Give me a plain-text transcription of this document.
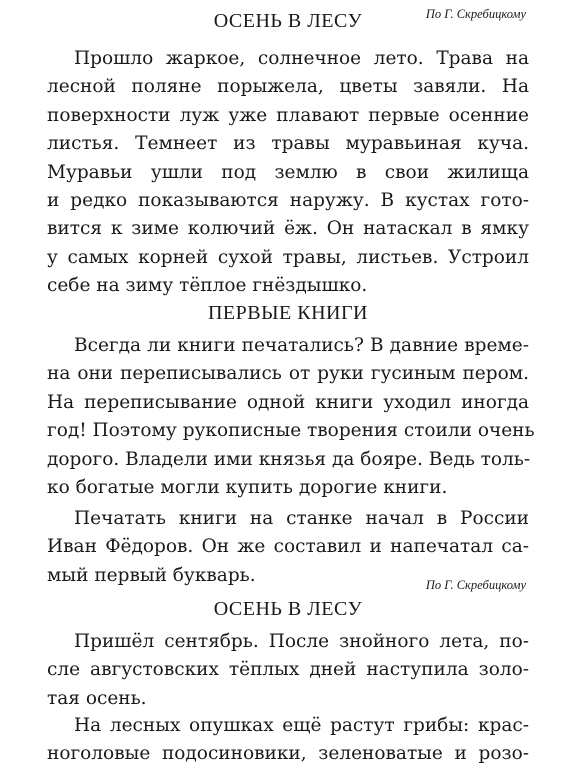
По Г. Скребицкому
ОСЕНЬ В ЛЕСУ
Прошло жаркое, солнечное лето. Трава на
лесной поляне порыжела, цветы завяли. На
поверхности луж уже плавают первые осенние
листья. Темнеет из травы муравьиная куча.
Муравьи ушли под землю в свои жилища
и редко показываются наружу. В кустах гото-
вится к зиме колючий ёж. Он натаскал в ямку
у самых корней сухой травы, листьев. Устроил
себе на зиму тёплое гнёздышко.
ПЕРВЫЕ КНИГИ
Всегда ли книги печатались? В давние време-
на они переписывались от руки гусиным пером.
На переписывание одной книги уходил иногда
год! Поэтому рукописные творения стоили очень
дорого. Владели ими князья да бояре. Ведь толь-
ко богатые могли купить дорогие книги.
Печатать книги на станке начал в России
Иван Фёдоров. Он же составил и напечатал са-
мый первый букварь.	По Г. Скребицкому
ОСЕНЬ В ЛЕСУ
Пришёл сентябрь. После знойного лета, по-
сле августовских тёплых дней наступила золо-
тая осень.
На лесных опушках ещё растут грибы: крас-
ноголовые подосиновики, зеленоватые и розо-
